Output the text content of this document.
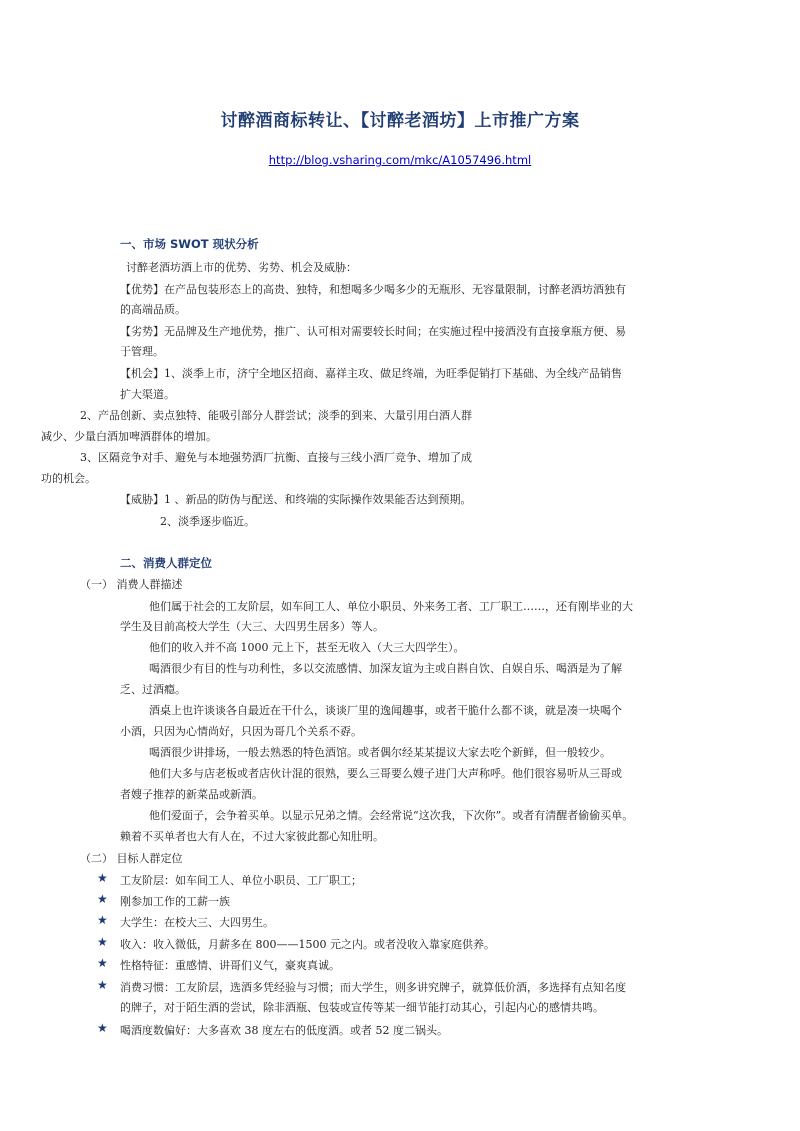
讨醉酒商标转让、【讨醉老酒坊】上市推广方案
http://blog.vsharing.com/mkc/A1057496.html
一、市场 SWOT 现状分析
讨醉老酒坊酒上市的优势、劣势、机会及威胁：
【优势】在产品包装形态上的高贵、独特，和想喝多少喝多少的无瓶形、无容量限制，讨醉老酒坊酒独有
的高端品质。
【劣势】无品牌及生产地优势，推广、认可相对需要较长时间；在实施过程中接酒没有直接拿瓶方便、易
于管理。
【机会】1、淡季上市，济宁全地区招商、嘉祥主攻、做足终端，为旺季促销打下基础、为全线产品销售
扩大渠道。
2、产品创新、卖点独特、能吸引部分人群尝试；淡季的到来、大量引用白酒人群
减少、少量白酒加啤酒群体的增加。
3、区隔竞争对手、避免与本地强势酒厂抗衡、直接与三线小酒厂竞争、增加了成
功的机会。
【威胁】1 、新品的防伪与配送、和终端的实际操作效果能否达到预期。
2、淡季逐步临近。
二、消费人群定位
（一） 消费人群描述
他们属于社会的工友阶层，如车间工人、单位小职员、外来务工者、工厂职工……，还有刚毕业的大
学生及目前高校大学生（大三、大四男生居多）等人。
他们的收入并不高 1000 元上下，甚至无收入（大三大四学生）。
喝酒很少有目的性与功利性，多以交流感情、加深友谊为主或自斟自饮、自娱自乐、喝酒是为了解
乏、过酒瘾。
酒桌上也许谈谈各自最近在干什么，谈谈厂里的逸闻趣事，或者干脆什么都不谈，就是凑一块喝个
小酒，只因为心情尚好，只因为哥几个关系不孬。
喝酒很少讲排场，一般去熟悉的特色酒馆。或者偶尔经某某提议大家去吃个新鲜，但一般较少。
他们大多与店老板或者店伙计混的很熟，要么三哥要么嫂子进门大声称呼。他们很容易听从三哥或
者嫂子推荐的新菜品或新酒。
他们爱面子，会争着买单。以显示兄弟之情。会经常说“这次我，下次你”。或者有清醒者偷偷买单。
赖着不买单者也大有人在，不过大家彼此都心知肚明。
（二） 目标人群定位
★ 工友阶层：如车间工人、单位小职员、工厂职工；
★ 刚参加工作的工薪一族
★ 大学生：在校大三、大四男生。
★ 收入：收入微低，月薪多在 800——1500 元之内。或者没收入靠家庭供养。
★ 性格特征：重感情、讲哥们义气，豪爽真诚。
★ 消费习惯：工友阶层，选酒多凭经验与习惯；而大学生，则多讲究牌子，就算低价酒，多选择有点知名度
的牌子，对于陌生酒的尝试，除非酒瓶、包装或宣传等某一细节能打动其心，引起内心的感情共鸣。
★ 喝酒度数偏好：大多喜欢 38 度左右的低度酒。或者 52 度二锅头。
